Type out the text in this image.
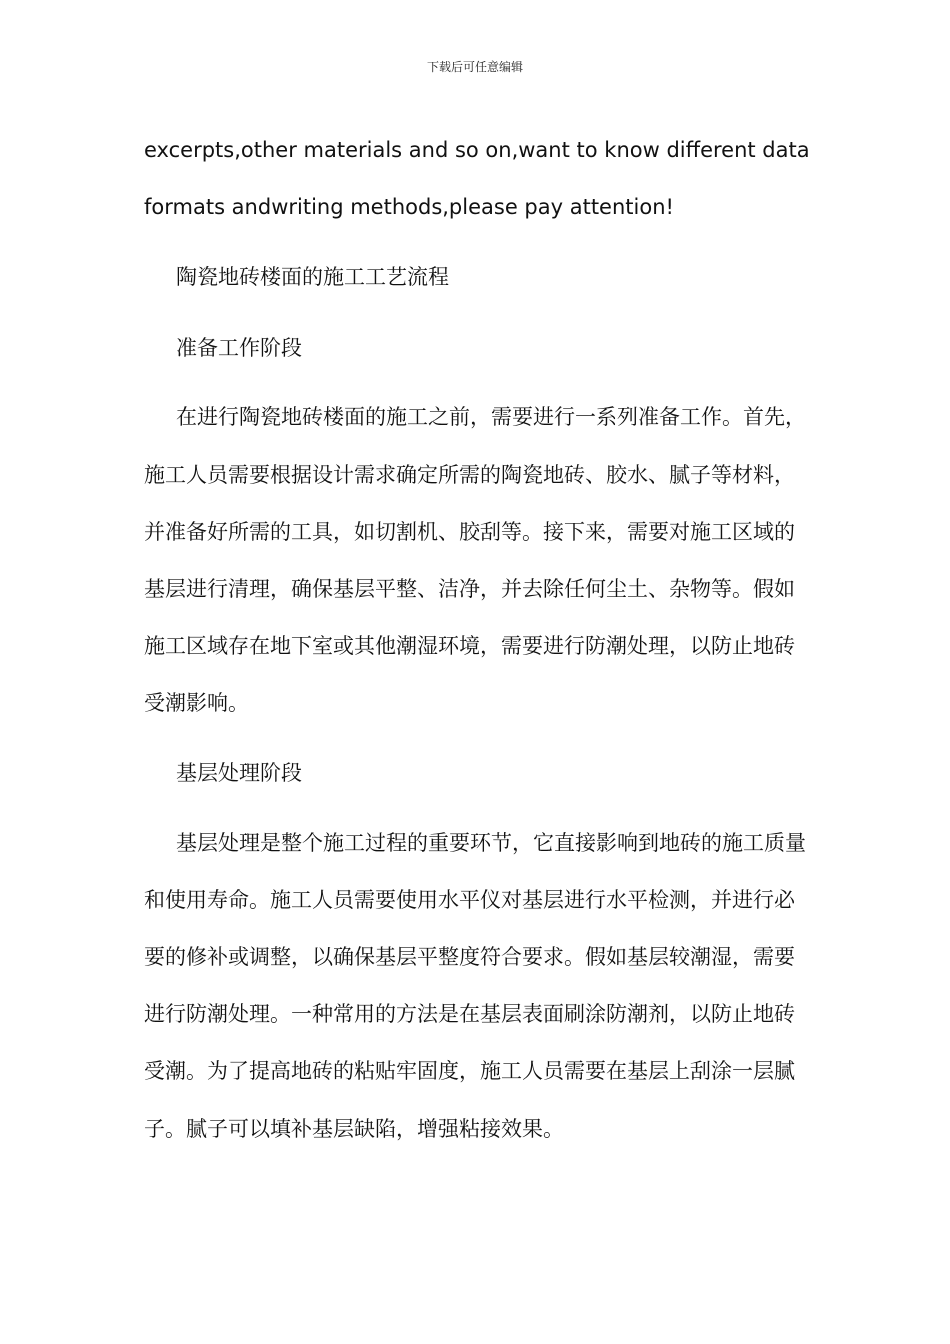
下载后可任意编辑
excerpts,other materials and so on,want to know different data
formats andwriting methods,please pay attention!
陶瓷地砖楼面的施工工艺流程
准备工作阶段
在进行陶瓷地砖楼面的施工之前，需要进行一系列准备工作。首先，
施工人员需要根据设计需求确定所需的陶瓷地砖、胶水、腻子等材料，
并准备好所需的工具，如切割机、胶刮等。接下来，需要对施工区域的
基层进行清理，确保基层平整、洁净，并去除任何尘土、杂物等。假如
施工区域存在地下室或其他潮湿环境，需要进行防潮处理，以防止地砖
受潮影响。
基层处理阶段
基层处理是整个施工过程的重要环节，它直接影响到地砖的施工质量
和使用寿命。施工人员需要使用水平仪对基层进行水平检测，并进行必
要的修补或调整，以确保基层平整度符合要求。假如基层较潮湿，需要
进行防潮处理。一种常用的方法是在基层表面刷涂防潮剂，以防止地砖
受潮。为了提高地砖的粘贴牢固度，施工人员需要在基层上刮涂一层腻
子。腻子可以填补基层缺陷，增强粘接效果。
